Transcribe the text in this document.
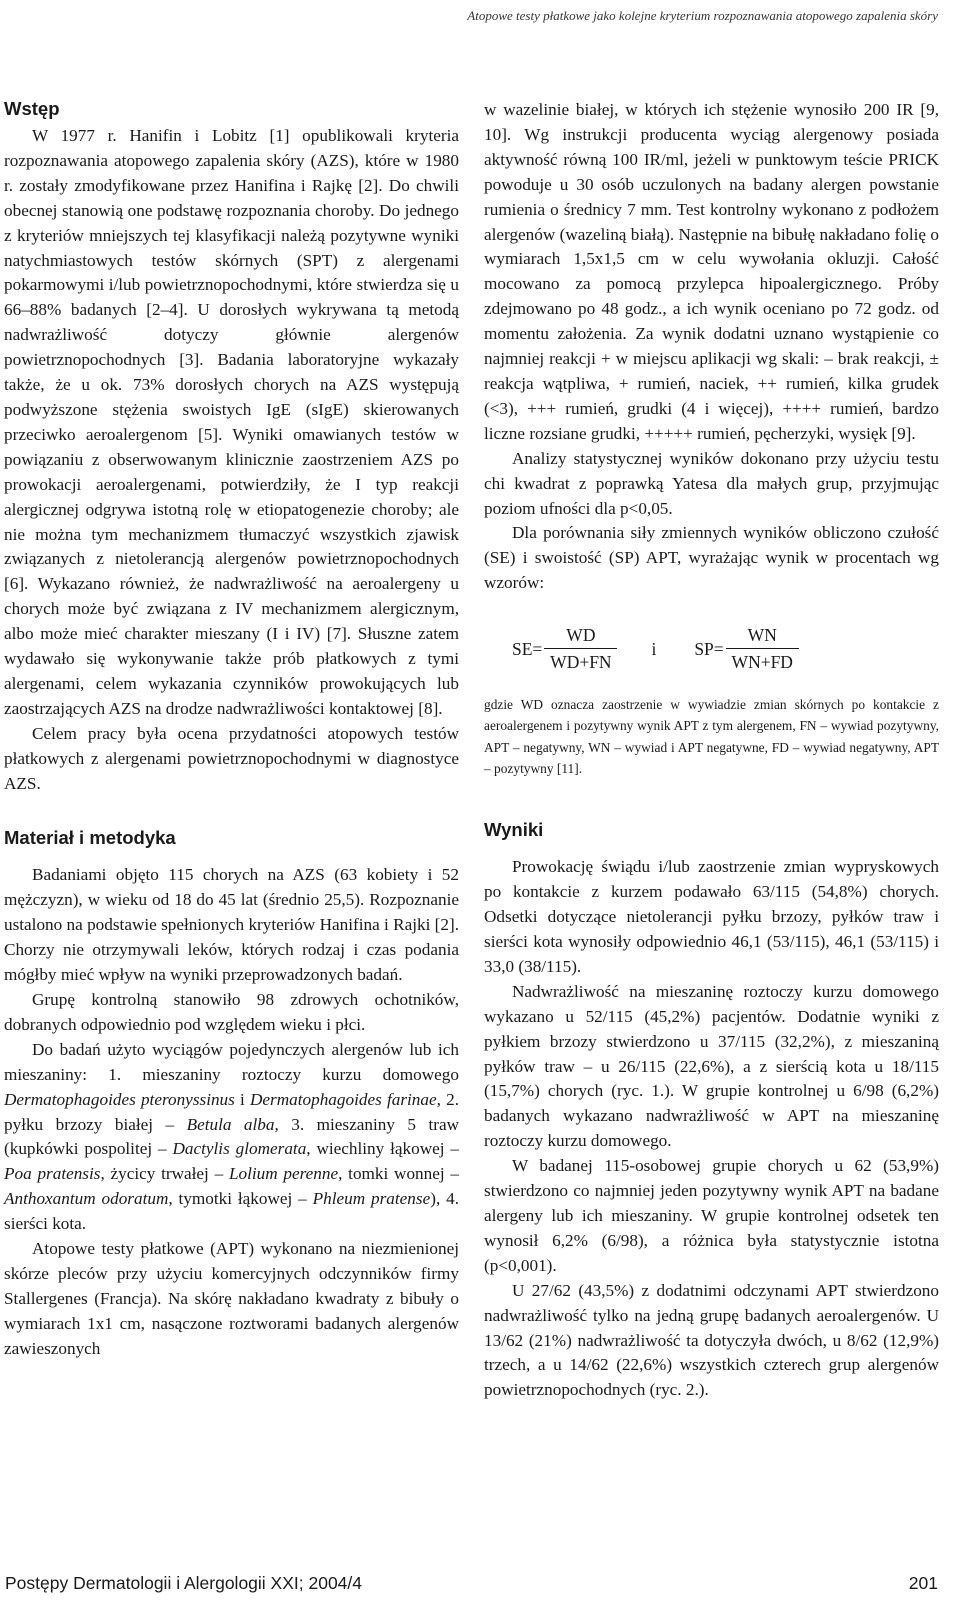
Atopowe testy płatkowe jako kolejne kryterium rozpoznawania atopowego zapalenia skóry
Wstęp

W 1977 r. Hanifin i Lobitz [1] opublikowali kryteria rozpoznawania atopowego zapalenia skóry (AZS), które w 1980 r. zostały zmodyfikowane przez Hanifina i Rajkę [2]. Do chwili obecnej stanowią one podstawę rozpoznania choroby. Do jednego z kryteriów mniejszych tej klasyfikacji należą pozytywne wyniki natychmiastowych testów skórnych (SPT) z alergenami pokarmowymi i/lub powietrznopochodnymi, które stwierdza się u 66–88% badanych [2–4]. U dorosłych wykrywana tą metodą nadwrażliwość dotyczy głównie alergenów powietrznopochodnych [3]. Badania laboratoryjne wykazały także, że u ok. 73% dorosłych chorych na AZS występują podwyższone stężenia swoistych IgE (sIgE) skierowanych przeciwko aeroalergenom [5]. Wyniki omawianych testów w powiązaniu z obserwowanym klinicznie zaostrzeniem AZS po prowokacji aeroalergenami, potwierdziły, że I typ reakcji alergicznej odgrywa istotną rolę w etiopatogenezie choroby; ale nie można tym mechanizmem tłumaczyć wszystkich zjawisk związanych z nietolerancją alergenów powietrznopochodnych [6]. Wykazano również, że nadwrażliwość na aeroalergeny u chorych może być związana z IV mechanizmem alergicznym, albo może mieć charakter mieszany (I i IV) [7]. Słuszne zatem wydawało się wykonywanie także prób płatkowych z tymi alergenami, celem wykazania czynników prowokujących lub zaostrzających AZS na drodze nadwrażliwości kontaktowej [8].

Celem pracy była ocena przydatności atopowych testów płatkowych z alergenami powietrznopochodnymi w diagnostyce AZS.

Materiał i metodyka

Badaniami objęto 115 chorych na AZS (63 kobiety i 52 mężczyzn), w wieku od 18 do 45 lat (średnio 25,5). Rozpoznanie ustalono na podstawie spełnionych kryteriów Hanifina i Rajki [2]. Chorzy nie otrzymywali leków, których rodzaj i czas podania mógłby mieć wpływ na wyniki przeprowadzonych badań.

Grupę kontrolną stanowiło 98 zdrowych ochotników, dobranych odpowiednio pod względem wieku i płci.

Do badań użyto wyciągów pojedynczych alergenów lub ich mieszaniny: 1. mieszaniny roztoczy kurzu domowego Dermatophagoides pteronyssinus i Dermatophagoides farinae, 2. pyłku brzozy białej – Betula alba, 3. mieszaniny 5 traw (kupkówki pospolitej – Dactylis glomerata, wiechliny łąkowej – Poa pratensis, życicy trwałej – Lolium perenne, tomki wonnej – Anthoxantum odoratum, tymotki łąkowej – Phleum pratense), 4. sierści kota.

Atopowe testy płatkowe (APT) wykonano na niezmienionej skórze pleców przy użyciu komercyjnych odczynników firmy Stallergenes (Francja). Na skórę nakładano kwadraty z bibuły o wymiarach 1x1 cm, nasączone roztworami badanych alergenów zawieszonych

w wazelinie białej, w których ich stężenie wynosiło 200 IR [9, 10]. Wg instrukcji producenta wyciąg alergenowy posiada aktywność równą 100 IR/ml, jeżeli w punktowym teście PRICK powoduje u 30 osób uczulonych na badany alergen powstanie rumienia o średnicy 7 mm. Test kontrolny wykonano z podłożem alergenów (wazeliną białą). Następnie na bibułę nakładano folię o wymiarach 1,5x1,5 cm w celu wywołania okluzji. Całość mocowano za pomocą przylepca hipoalergicznego. Próby zdejmowano po 48 godz., a ich wynik oceniano po 72 godz. od momentu założenia. Za wynik dodatni uznano wystąpienie co najmniej reakcji + w miejscu aplikacji wg skali: – brak reakcji, ± reakcja wątpliwa, + rumień, naciek, ++ rumień, kilka grudek (<3), +++ rumień, grudki (4 i więcej), ++++ rumień, bardzo liczne rozsiane grudki, +++++ rumień, pęcherzyki, wysięk [9].

Analizy statystycznej wyników dokonano przy użyciu testu chi kwadrat z poprawką Yatesa dla małych grup, przyjmując poziom ufności dla p<0,05.

Dla porównania siły zmiennych wyników obliczono czułość (SE) i swoistość (SP) APT, wyrażając wynik w procentach wg wzorów:

$SE= \frac{WD}{WD+FN}$ i $SP= \frac{WN}{WN+FD}$

gdzie WD oznacza zaostrzenie w wywiadzie zmian skórnych po kontakcie z aeroalergenem i pozytywny wynik APT z tym alergenem, FN – wywiad pozytywny, APT – negatywny, WN – wywiad i APT negatywne, FD – wywiad negatywny, APT – pozytywny [11].

Wyniki

Prowokację świądu i/lub zaostrzenie zmian wypryskowych po kontakcie z kurzem podawało 63/115 (54,8%) chorych. Odsetki dotyczące nietolerancji pyłku brzozy, pyłków traw i sierści kota wynosiły odpowiednio 46,1 (53/115), 46,1 (53/115) i 33,0 (38/115).

Nadwrażliwość na mieszaninę roztoczy kurzu domowego wykazano u 52/115 (45,2%) pacjentów. Dodatnie wyniki z pyłkiem brzozy stwierdzono u 37/115 (32,2%), z mieszaniną pyłków traw – u 26/115 (22,6%), a z sierścią kota u 18/115 (15,7%) chorych (ryc. 1.). W grupie kontrolnej u 6/98 (6,2%) badanych wykazano nadwrażliwość w APT na mieszaninę roztoczy kurzu domowego.

W badanej 115-osobowej grupie chorych u 62 (53,9%) stwierdzono co najmniej jeden pozytywny wynik APT na badane alergeny lub ich mieszaniny. W grupie kontrolnej odsetek ten wynosił 6,2% (6/98), a różnica była statystycznie istotna (p<0,001).

U 27/62 (43,5%) z dodatnimi odczynami APT stwierdzono nadwrażliwość tylko na jedną grupę badanych aeroalergenów. U 13/62 (21%) nadwrażliwość ta dotyczyła dwóch, u 8/62 (12,9%) trzech, a u 14/62 (22,6%) wszystkich czterech grup alergenów powietrznopochodnych (ryc. 2.).

Postępy Dermatologii i Alergologii XXI; 2004/4	201
